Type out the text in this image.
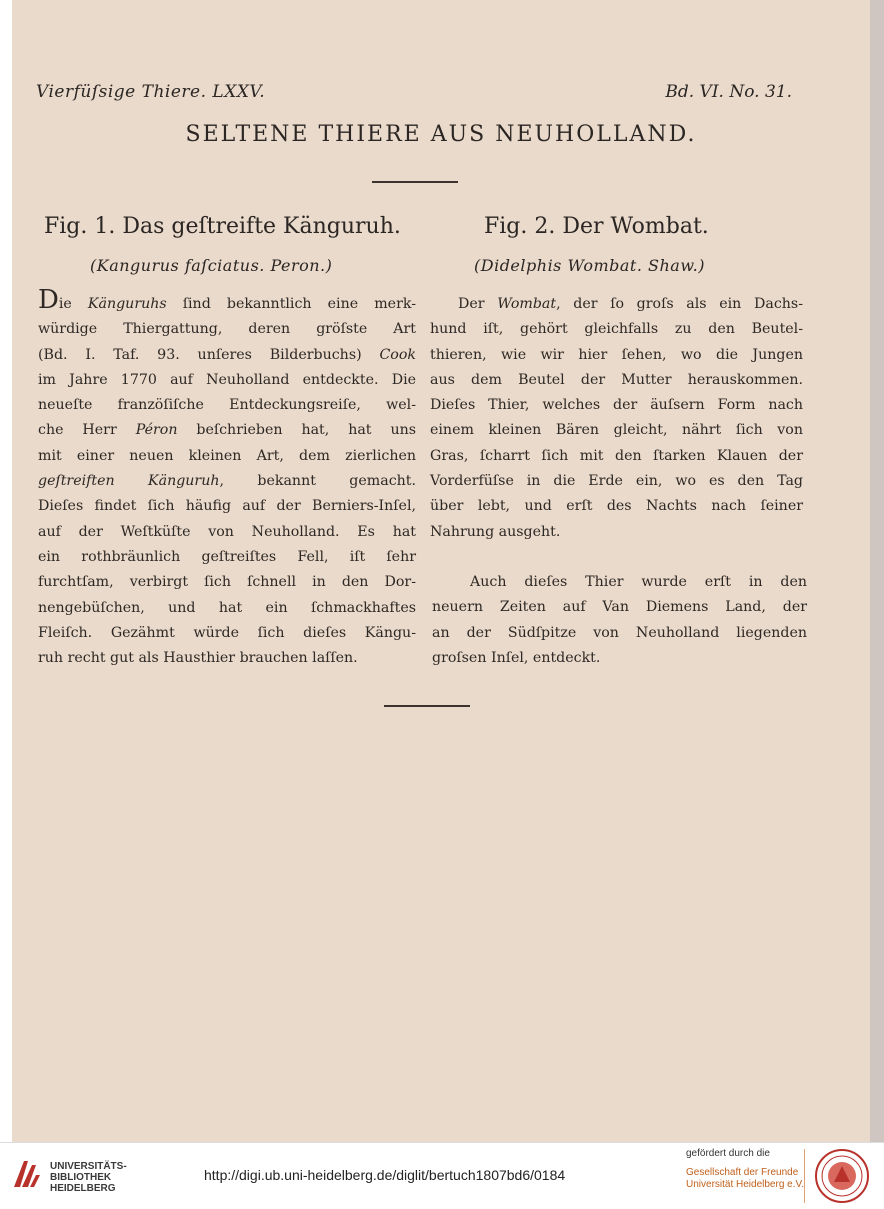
Vierfüſsige Thiere. LXXV.	Bd. VI. No. 31.
SELTENE THIERE AUS NEUHOLLAND.
Fig. 1. Das geſtreifte Känguruh.
(Kangurus faſciatus. Peron.)
Fig. 2. Der Wombat.
(Didelphis Wombat. Shaw.)
Die Känguruhs ſind bekanntlich eine merk-
würdige Thiergattung, deren gröſste Art
(Bd. I. Taf. 93. unſeres Bilderbuchs) Cook
im Jahre 1770 auf Neuholland entdeckte. Die
neueſte franzöſiſche Entdeckungsreiſe, wel-
che Herr Péron beſchrieben hat, hat uns
mit einer neuen kleinen Art, dem zierlichen
geſtreiften Känguruh, bekannt gemacht.
Dieſes findet ſich häufig auf der Berniers-Inſel,
auf der Weſtküſte von Neuholland. Es hat
ein rothbräunlich geſtreiſtes Fell, iſt ſehr
furchtſam, verbirgt ſich ſchnell in den Dor-
nengebüſchen, und hat ein ſchmackhaftes
Fleiſch. Gezähmt würde ſich dieſes Kängu-
ruh recht gut als Hausthier brauchen laſſen.
Der Wombat, der ſo groſs als ein Dachs-
hund iſt, gehört gleichfalls zu den Beutel-
thieren, wie wir hier ſehen, wo die Jungen
aus dem Beutel der Mutter herauskommen.
Dieſes Thier, welches der äuſsern Form nach
einem kleinen Bären gleicht, nährt ſich von
Gras, ſcharrt ſich mit den ſtarken Klauen der
Vorderfüſse in die Erde ein, wo es den Tag
über lebt, und erſt des Nachts nach ſeiner
Nahrung ausgeht.
Auch dieſes Thier wurde erſt in den
neuern Zeiten auf Van Diemens Land, der
an der Südſpitze von Neuholland liegenden
groſsen Inſel, entdeckt.
UNIVERSITÄTS-
BIBLIOTHEK
HEIDELBERG
http://digi.ub.uni-heidelberg.de/diglit/bertuch1807bd6/0184
gefördert durch die
Gesellschaft der Freunde
Universität Heidelberg e.V.
